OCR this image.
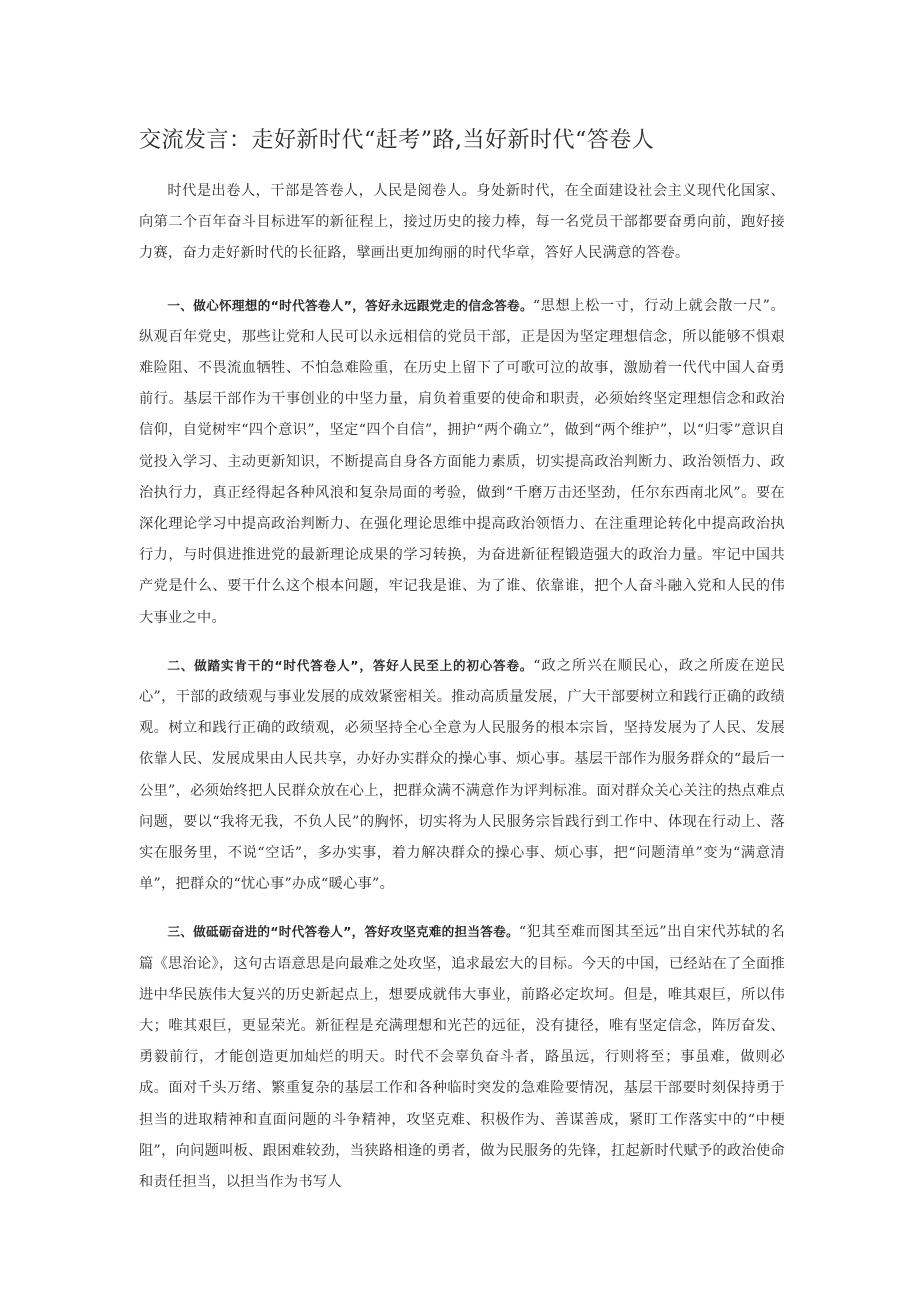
交流发言：走好新时代“赶考”路,当好新时代“答卷人

时代是出卷人，干部是答卷人，人民是阅卷人。身处新时代，在全面建设社会主义现代化国家、向第二个百年奋斗目标进军的新征程上，接过历史的接力棒，每一名党员干部都要奋勇向前，跑好接力赛，奋力走好新时代的长征路，擘画出更加绚丽的时代华章，答好人民满意的答卷。

一、做心怀理想的“时代答卷人”，答好永远跟党走的信念答卷。“思想上松一寸，行动上就会散一尺”。纵观百年党史，那些让党和人民可以永远相信的党员干部，正是因为坚定理想信念，所以能够不惧艰难险阻、不畏流血牺牲、不怕急难险重，在历史上留下了可歌可泣的故事，激励着一代代中国人奋勇前行。基层干部作为干事创业的中坚力量，肩负着重要的使命和职责，必须始终坚定理想信念和政治信仰，自觉树牢“四个意识”，坚定“四个自信”，拥护“两个确立”，做到“两个维护”，以“归零”意识自觉投入学习、主动更新知识，不断提高自身各方面能力素质，切实提高政治判断力、政治领悟力、政治执行力，真正经得起各种风浪和复杂局面的考验，做到“千磨万击还坚劲，任尔东西南北风”。要在深化理论学习中提高政治判断力、在强化理论思维中提高政治领悟力、在注重理论转化中提高政治执行力，与时俱进推进党的最新理论成果的学习转换，为奋进新征程锻造强大的政治力量。牢记中国共产党是什么、要干什么这个根本问题，牢记我是谁、为了谁、依靠谁，把个人奋斗融入党和人民的伟大事业之中。

二、做踏实肯干的“时代答卷人”，答好人民至上的初心答卷。“政之所兴在顺民心，政之所废在逆民心”，干部的政绩观与事业发展的成效紧密相关。推动高质量发展，广大干部要树立和践行正确的政绩观。树立和践行正确的政绩观，必须坚持全心全意为人民服务的根本宗旨，坚持发展为了人民、发展依靠人民、发展成果由人民共享，办好办实群众的操心事、烦心事。基层干部作为服务群众的“最后一公里”，必须始终把人民群众放在心上，把群众满不满意作为评判标准。面对群众关心关注的热点难点问题，要以“我将无我，不负人民”的胸怀，切实将为人民服务宗旨践行到工作中、体现在行动上、落实在服务里，不说“空话”，多办实事，着力解决群众的操心事、烦心事，把“问题清单”变为“满意清单”，把群众的“忧心事”办成“暖心事”。

三、做砥砺奋进的“时代答卷人”，答好攻坚克难的担当答卷。“犯其至难而图其至远”出自宋代苏轼的名篇《思治论》，这句古语意思是向最难之处攻坚，追求最宏大的目标。今天的中国，已经站在了全面推进中华民族伟大复兴的历史新起点上，想要成就伟大事业，前路必定坎坷。但是，唯其艰巨，所以伟大；唯其艰巨，更显荣光。新征程是充满理想和光芒的远征，没有捷径，唯有坚定信念，阵厉奋发、勇毅前行，才能创造更加灿烂的明天。时代不会辜负奋斗者，路虽远，行则将至；事虽难，做则必成。面对千头万绪、繁重复杂的基层工作和各种临时突发的急难险要情况，基层干部要时刻保持勇于担当的进取精神和直面问题的斗争精神，攻坚克难、积极作为、善谋善成，紧盯工作落实中的“中梗阻”，向问题叫板、跟困难较劲，当狭路相逢的勇者，做为民服务的先锋，扛起新时代赋予的政治使命和责任担当，以担当作为书写人
